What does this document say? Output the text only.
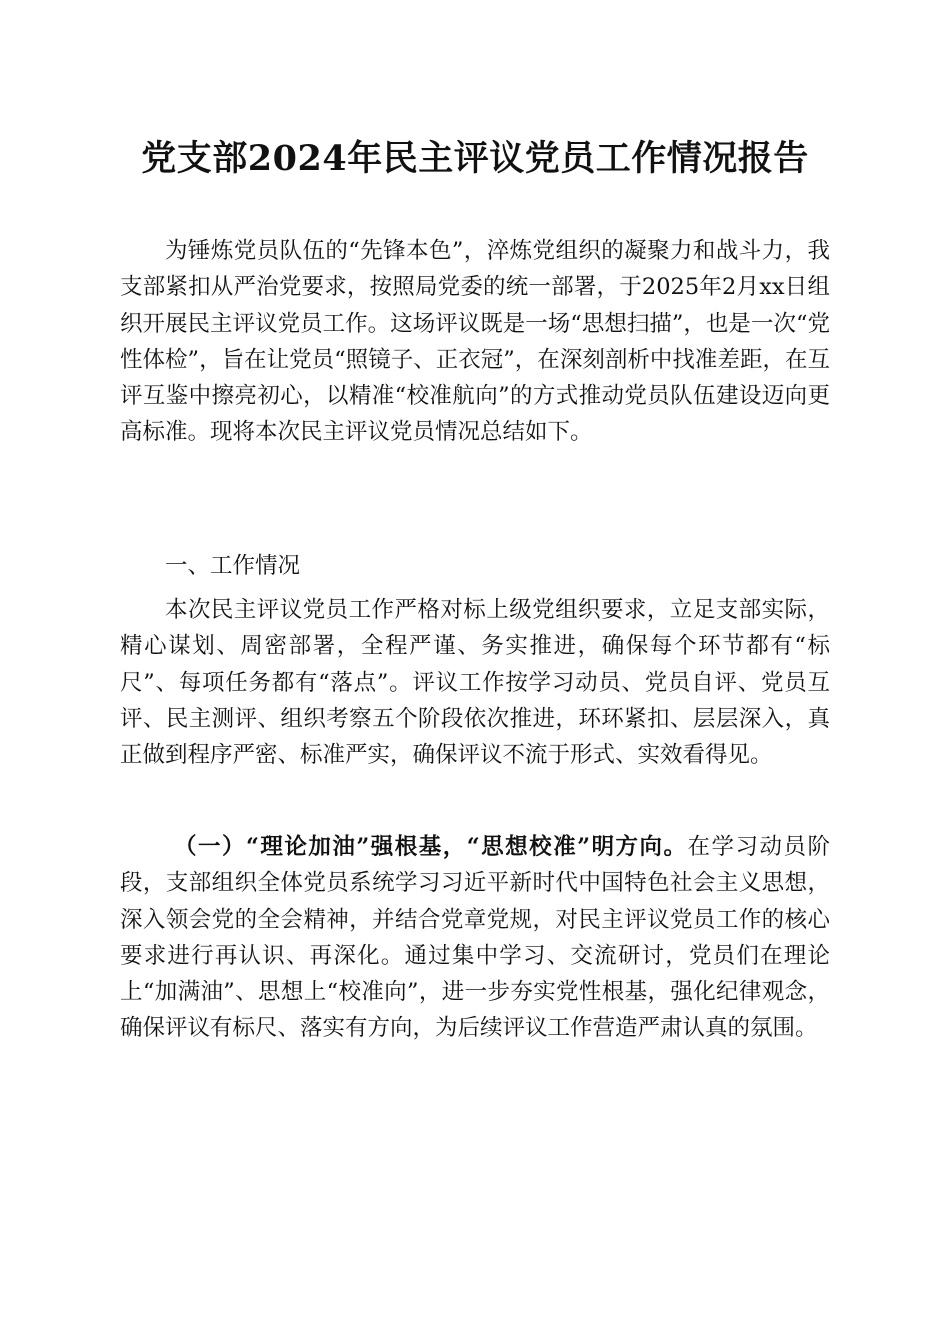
党支部2024年民主评议党员工作情况报告

为锤炼党员队伍的“先锋本色”，淬炼党组织的凝聚力和战斗力，我支部紧扣从严治党要求，按照局党委的统一部署，于2025年2月xx日组织开展民主评议党员工作。这场评议既是一场“思想扫描”，也是一次“党性体检”，旨在让党员“照镜子、正衣冠”，在深刻剖析中找准差距，在互评互鉴中擦亮初心，以精准“校准航向”的方式推动党员队伍建设迈向更高标准。现将本次民主评议党员情况总结如下。

一、工作情况

本次民主评议党员工作严格对标上级党组织要求，立足支部实际，精心谋划、周密部署，全程严谨、务实推进，确保每个环节都有“标尺”、每项任务都有“落点”。评议工作按学习动员、党员自评、党员互评、民主测评、组织考察五个阶段依次推进，环环紧扣、层层深入，真正做到程序严密、标准严实，确保评议不流于形式、实效看得见。

（一）“理论加油”强根基，“思想校准”明方向。在学习动员阶段，支部组织全体党员系统学习习近平新时代中国特色社会主义思想，深入领会党的全会精神，并结合党章党规，对民主评议党员工作的核心要求进行再认识、再深化。通过集中学习、交流研讨，党员们在理论上“加满油”、思想上“校准向”，进一步夯实党性根基，强化纪律观念，确保评议有标尺、落实有方向，为后续评议工作营造严肃认真的氛围。
